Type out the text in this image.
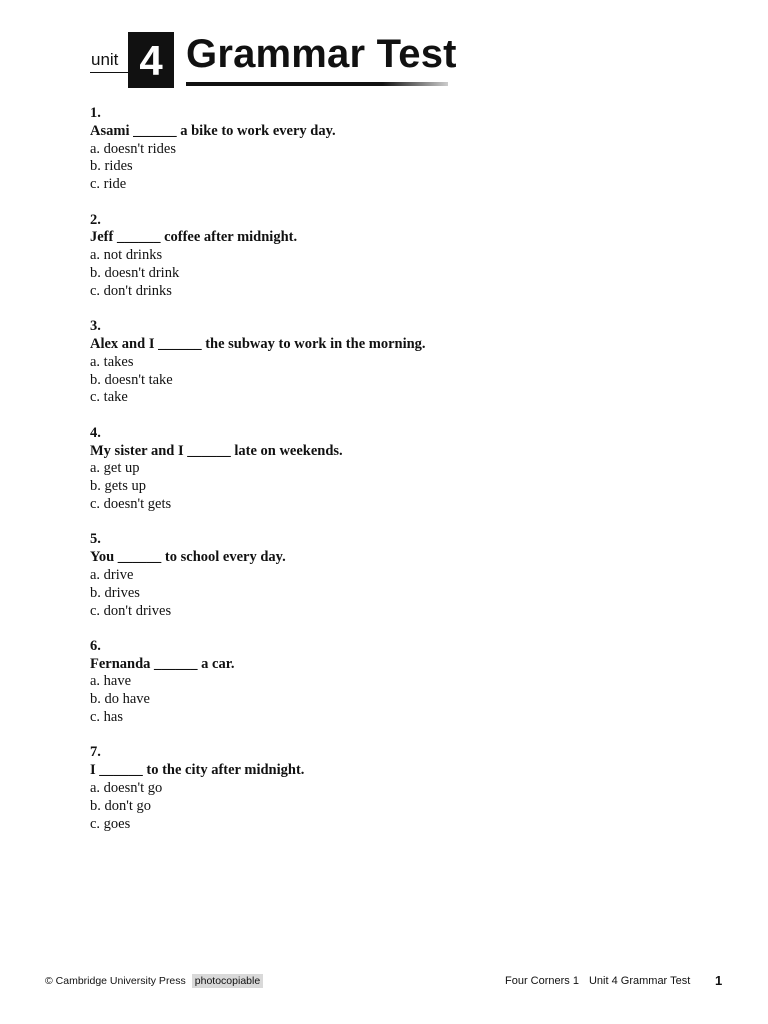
unit 4 Grammar Test
1.
Asami ______ a bike to work every day.
a. doesn't rides
b. rides
c. ride
2.
Jeff ______ coffee after midnight.
a. not drinks
b. doesn't drink
c. don't drinks
3.
Alex and I ______ the subway to work in the morning.
a. takes
b. doesn't take
c. take
4.
My sister and I ______ late on weekends.
a. get up
b. gets up
c. doesn't gets
5.
You ______ to school every day.
a. drive
b. drives
c. don't drives
6.
Fernanda ______ a car.
a. have
b. do have
c. has
7.
I ______ to the city after midnight.
a. doesn't go
b. don't go
c. goes
© Cambridge University Press photocopiable	Four Corners 1 Unit 4 Grammar Test 1
